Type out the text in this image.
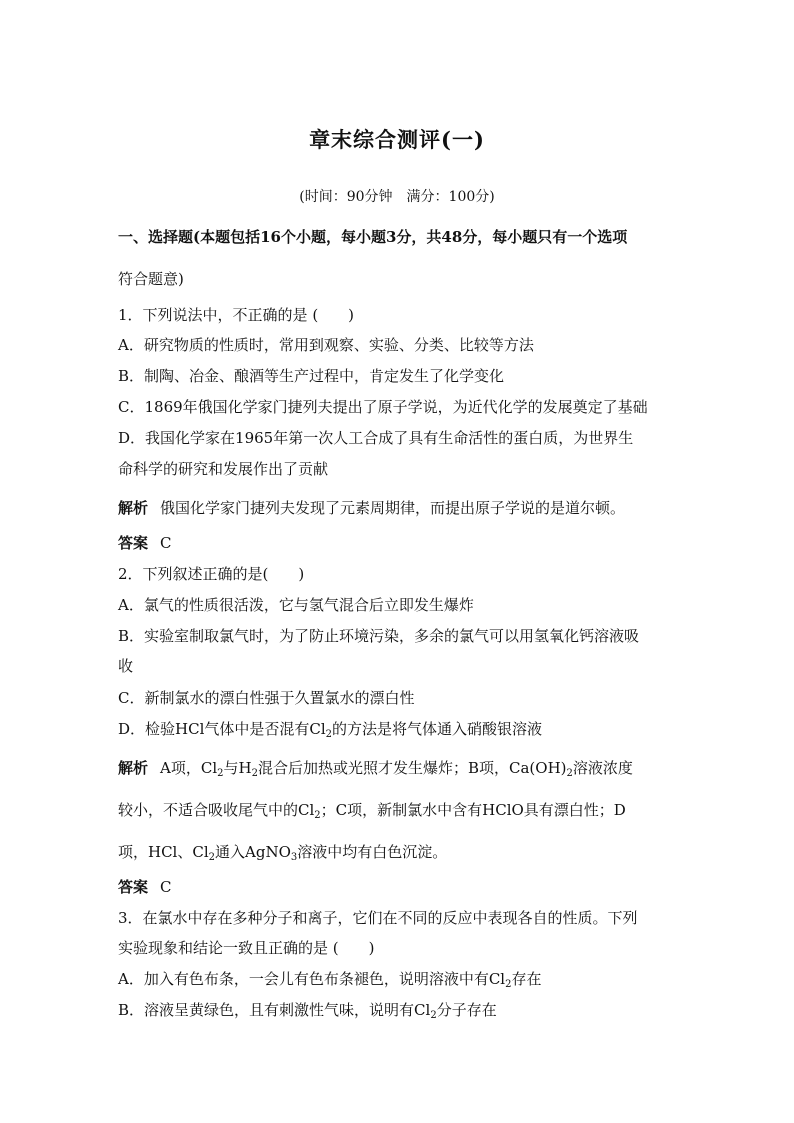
章末综合测评(一)
(时间：90分钟　满分：100分)
一、选择题(本题包括16个小题，每小题3分，共48分，每小题只有一个选项
符合题意)
1．下列说法中，不正确的是 (　　)
A．研究物质的性质时，常用到观察、实验、分类、比较等方法
B．制陶、冶金、酿酒等生产过程中，肯定发生了化学变化
C．1869年俄国化学家门捷列夫提出了原子学说，为近代化学的发展奠定了基础
D．我国化学家在1965年第一次人工合成了具有生命活性的蛋白质，为世界生
命科学的研究和发展作出了贡献
解析 俄国化学家门捷列夫发现了元素周期律，而提出原子学说的是道尔顿。
答案 C
2．下列叙述正确的是(　　)
A．氯气的性质很活泼，它与氢气混合后立即发生爆炸
B．实验室制取氯气时，为了防止环境污染，多余的氯气可以用氢氧化钙溶液吸
收
C．新制氯水的漂白性强于久置氯水的漂白性
D．检验HCl气体中是否混有$Cl_2$的方法是将气体通入硝酸银溶液
解析 A项，$Cl_2$与$H_2$混合后加热或光照才发生爆炸；B项，$Ca(OH)_2$溶液浓度
较小，不适合吸收尾气中的$Cl_2$；C项，新制氯水中含有HClO具有漂白性；D
项，HCl、$Cl_2$通入AgNO$_3$溶液中均有白色沉淀。
答案 C
3．在氯水中存在多种分子和离子，它们在不同的反应中表现各自的性质。下列
实验现象和结论一致且正确的是 (　　)
A．加入有色布条，一会儿有色布条褪色，说明溶液中有$Cl_2$存在
B．溶液呈黄绿色，且有刺激性气味，说明有$Cl_2$分子存在
